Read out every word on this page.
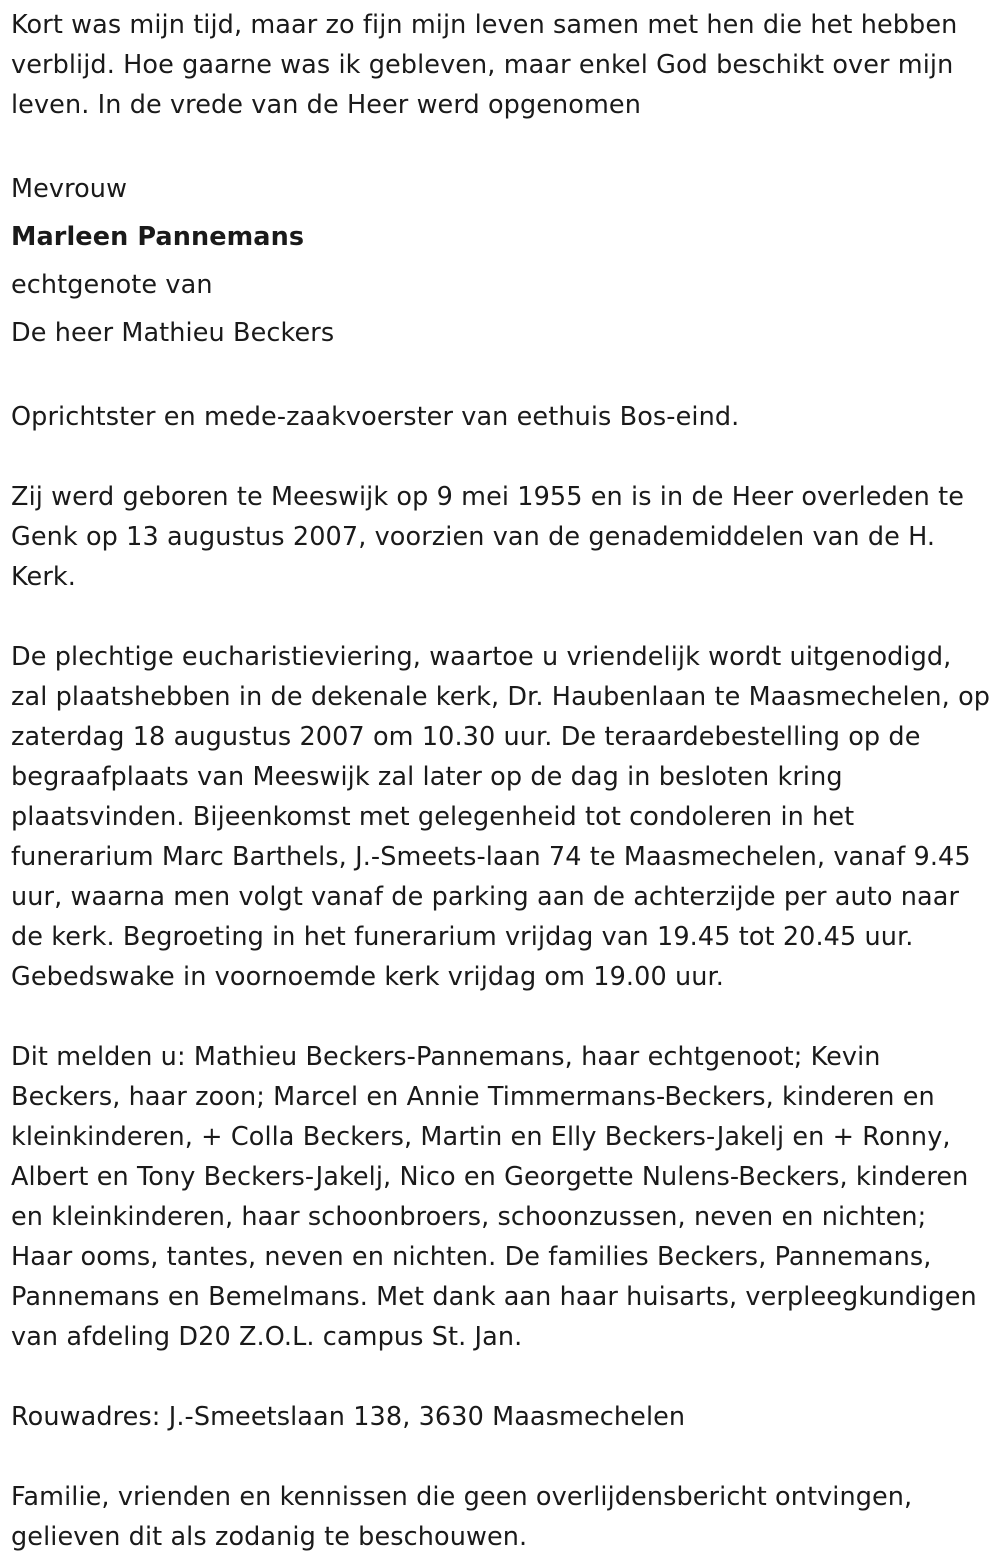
Kort was mijn tijd, maar zo fijn mijn leven samen met hen die het hebben verblijd. Hoe gaarne was ik gebleven, maar enkel God beschikt over mijn leven. In de vrede van de Heer werd opgenomen

Mevrouw

Marleen Pannemans

echtgenote van

De heer Mathieu Beckers

Oprichtster en mede-zaakvoerster van eethuis Bos-eind.

Zij werd geboren te Meeswijk op 9 mei 1955 en is in de Heer overleden te Genk op 13 augustus 2007, voorzien van de genademiddelen van de H. Kerk.

De plechtige eucharistieviering, waartoe u vriendelijk wordt uitgenodigd, zal plaatshebben in de dekenale kerk, Dr. Haubenlaan te Maasmechelen, op zaterdag 18 augustus 2007 om 10.30 uur. De teraardebestelling op de begraafplaats van Meeswijk zal later op de dag in besloten kring plaatsvinden. Bijeenkomst met gelegenheid tot condoleren in het funerarium Marc Barthels, J.-Smeets-laan 74 te Maasmechelen, vanaf 9.45 uur, waarna men volgt vanaf de parking aan de achterzijde per auto naar de kerk. Begroeting in het funerarium vrijdag van 19.45 tot 20.45 uur. Gebedswake in voornoemde kerk vrijdag om 19.00 uur.

Dit melden u: Mathieu Beckers-Pannemans, haar echtgenoot; Kevin Beckers, haar zoon; Marcel en Annie Timmermans-Beckers, kinderen en kleinkinderen, + Colla Beckers, Martin en Elly Beckers-Jakelj en + Ronny, Albert en Tony Beckers-Jakelj, Nico en Georgette Nulens-Beckers, kinderen en kleinkinderen, haar schoonbroers, schoonzussen, neven en nichten; Haar ooms, tantes, neven en nichten. De families Beckers, Pannemans, Pannemans en Bemelmans. Met dank aan haar huisarts, verpleegkundigen van afdeling D20 Z.O.L. campus St. Jan.

Rouwadres: J.-Smeetslaan 138, 3630 Maasmechelen

Familie, vrienden en kennissen die geen overlijdensbericht ontvingen, gelieven dit als zodanig te beschouwen.
